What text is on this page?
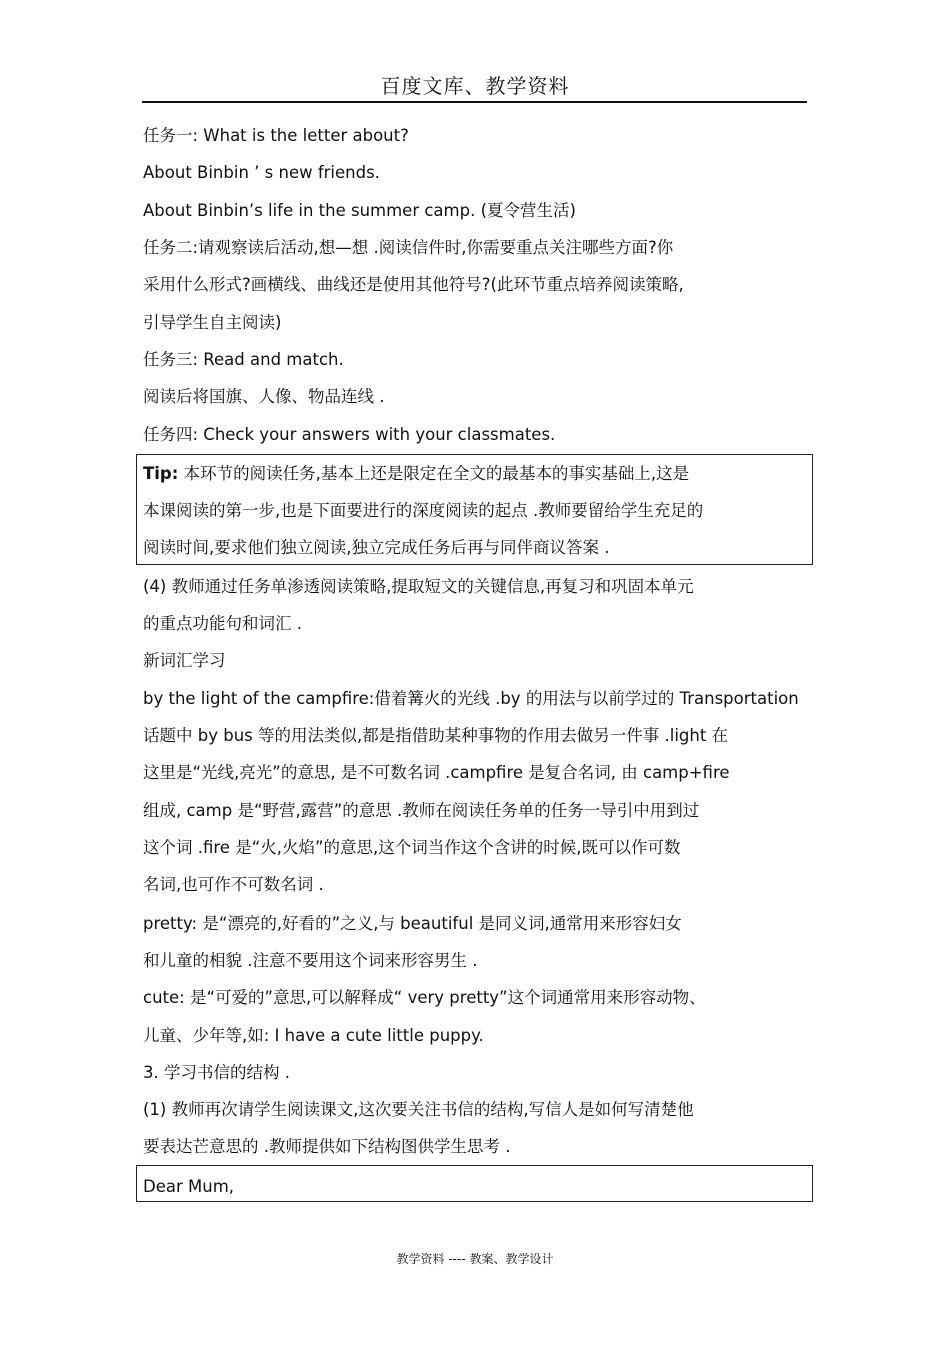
百度文库、教学资料
任务一: What is the letter about?
About Binbin ’ s new friends.
About Binbin’s life in the summer camp. (夏令营生活)
任务二:请观察读后活动,想—想 .阅读信件时,你需要重点关注哪些方面?你
采用什么形式?画横线、曲线还是使用其他符号?(此环节重点培养阅读策略,
引导学生自主阅读)
任务三: Read and match.
阅读后将国旗、人像、物品连线 .
任务四: Check your answers with your classmates.
Tip: 本环节的阅读任务,基本上还是限定在全文的最基本的事实基础上,这是
本课阅读的第一步,也是下面要进行的深度阅读的起点 .教师要留给学生充足的
阅读时间,要求他们独立阅读,独立完成任务后再与同伴商议答案 .
(4) 教师通过任务单渗透阅读策略,提取短文的关键信息,再复习和巩固本单元
的重点功能句和词汇 .
新词汇学习
by the light of the campfire:借着篝火的光线 .by 的用法与以前学过的 Transportation
话题中 by bus 等的用法类似,都是指借助某种事物的作用去做另一件事 .light 在
这里是“光线,亮光”的意思, 是不可数名词 .campfire 是复合名词, 由 camp+fire
组成, camp 是“野营,露营”的意思 .教师在阅读任务单的任务一导引中用到过
这个词 .fire 是“火,火焰”的意思,这个词当作这个含讲的时候,既可以作可数
名词,也可作不可数名词 .
pretty: 是“漂亮的,好看的”之义,与 beautiful 是同义词,通常用来形容妇女
和儿童的相貌 .注意不要用这个词来形容男生 .
cute: 是“可爱的”意思,可以解释成“ very pretty”这个词通常用来形容动物、
儿童、少年等,如: I have a cute little puppy.
3. 学习书信的结构 .
(1) 教师再次请学生阅读课文,这次要关注书信的结构,写信人是如何写清楚他
要表达芒意思的 .教师提供如下结构图供学生思考 .
Dear Mum,
教学资料 ---- 教案、教学设计
